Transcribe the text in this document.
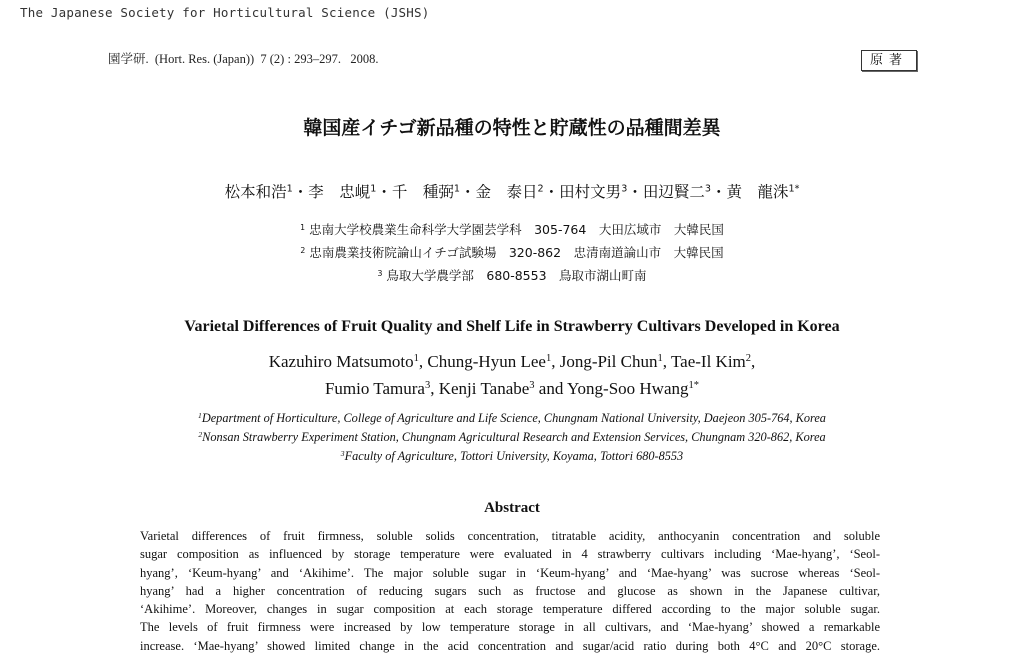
The Japanese Society for Horticultural Science (JSHS)
園学研.  (Hort. Res. (Japan))  7 (2) : 293–297.   2008.	原著
韓国産イチゴ新品種の特性と貯蔵性の品種間差異
松本和浩$^1$・李　忠峴$^1$・千　種弼$^1$・金　泰日$^2$・田村文男$^3$・田辺賢二$^3$・黄　龍洙$^{1*}$
$^1$ 忠南大学校農業生命科学大学園芸学科　305-764　大田広域市　大韓民国
$^2$ 忠南農業技術院論山イチゴ試験場　320-862　忠清南道論山市　大韓民国
$^3$ 鳥取大学農学部　680-8553　鳥取市湖山町南
Varietal Differences of Fruit Quality and Shelf Life in Strawberry Cultivars Developed in Korea
Kazuhiro Matsumoto$^1$, Chung-Hyun Lee$^1$, Jong-Pil Chun$^1$, Tae-Il Kim$^2$,
Fumio Tamura$^3$, Kenji Tanabe$^3$ and Yong-Soo Hwang$^{1*}$
$^1$Department of Horticulture, College of Agriculture and Life Science, Chungnam National University, Daejeon 305-764, Korea
$^2$Nonsan Strawberry Experiment Station, Chungnam Agricultural Research and Extension Services, Chungnam 320-862, Korea
$^3$Faculty of Agriculture, Tottori University, Koyama, Tottori 680-8553
Abstract
Varietal differences of fruit firmness, soluble solids concentration, titratable acidity, anthocyanin concentration and soluble
sugar composition as influenced by storage temperature were evaluated in 4 strawberry cultivars including ‘Mae-hyang’, ‘Seol-
hyang’, ‘Keum-hyang’ and ‘Akihime’. The major soluble sugar in ‘Keum-hyang’ and ‘Mae-hyang’ was sucrose whereas ‘Seol-
hyang’ had a higher concentration of reducing sugars such as fructose and glucose as shown in the Japanese cultivar,
‘Akihime’. Moreover, changes in sugar composition at each storage temperature differed according to the major soluble sugar.
The levels of fruit firmness were increased by low temperature storage in all cultivars, and ‘Mae-hyang’ showed a remarkable
increase. ‘Mae-hyang’ showed limited change in the acid concentration and sugar/acid ratio during both 4°C and 20°C storage.
